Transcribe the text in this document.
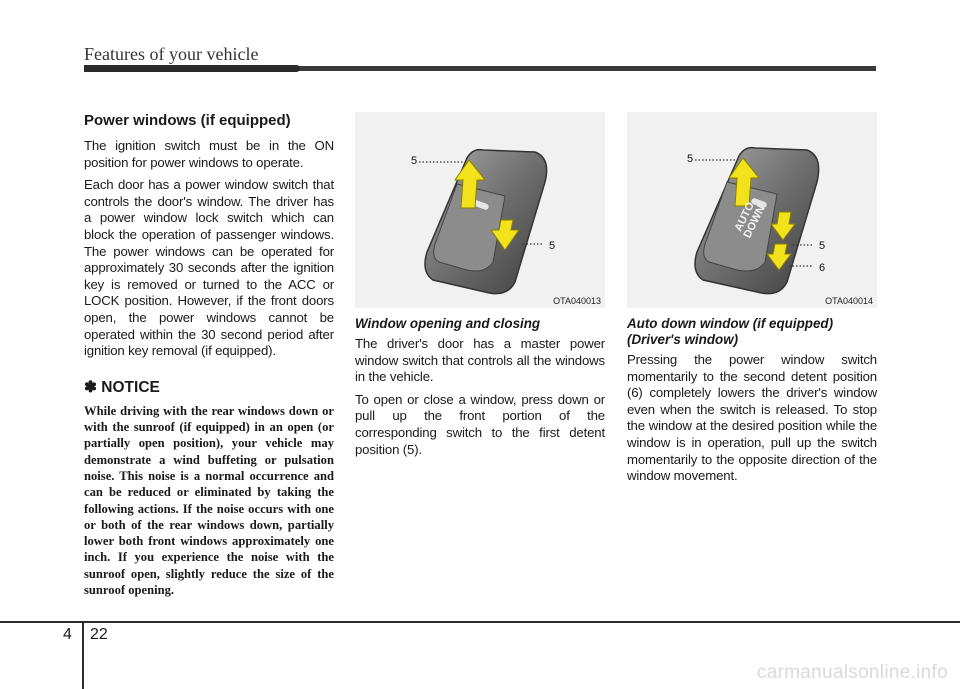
Features of your vehicle
Power windows (if equipped)

The ignition switch must be in the ON position for power windows to operate.

Each door has a power window switch that controls the door's window. The driver has a power window lock switch which can block the operation of passenger windows. The power windows can be operated for approximately 30 seconds after the ignition key is removed or turned to the ACC or LOCK position. However, if the front doors open, the power windows cannot be operated within the 30 second period after ignition key removal (if equipped).

✽ NOTICE

While driving with the rear windows down or with the sunroof (if equipped) in an open (or partially open position), your vehicle may demonstrate a wind buffeting or pulsation noise. This noise is a normal occurrence and can be reduced or eliminated by taking the following actions. If the noise occurs with one or both of the rear windows down, partially lower both front windows approximately one inch. If you experience the noise with the sunroof open, slightly reduce the size of the sunroof opening.

5
5
OTA040013
Window opening and closing

The driver's door has a master power window switch that controls all the windows in the vehicle.

To open or close a window, press down or pull up the front portion of the corresponding switch to the first detent position (5).

AUTO DOWN
5
5
6
OTA040014
Auto down window (if equipped) (Driver's window)

Pressing the power window switch momentarily to the second detent position (6) completely lowers the driver's window even when the switch is released. To stop the window at the desired position while the window is in operation, pull up the switch momentarily to the opposite direction of the window movement.

4 22
carmanualsonline.info
